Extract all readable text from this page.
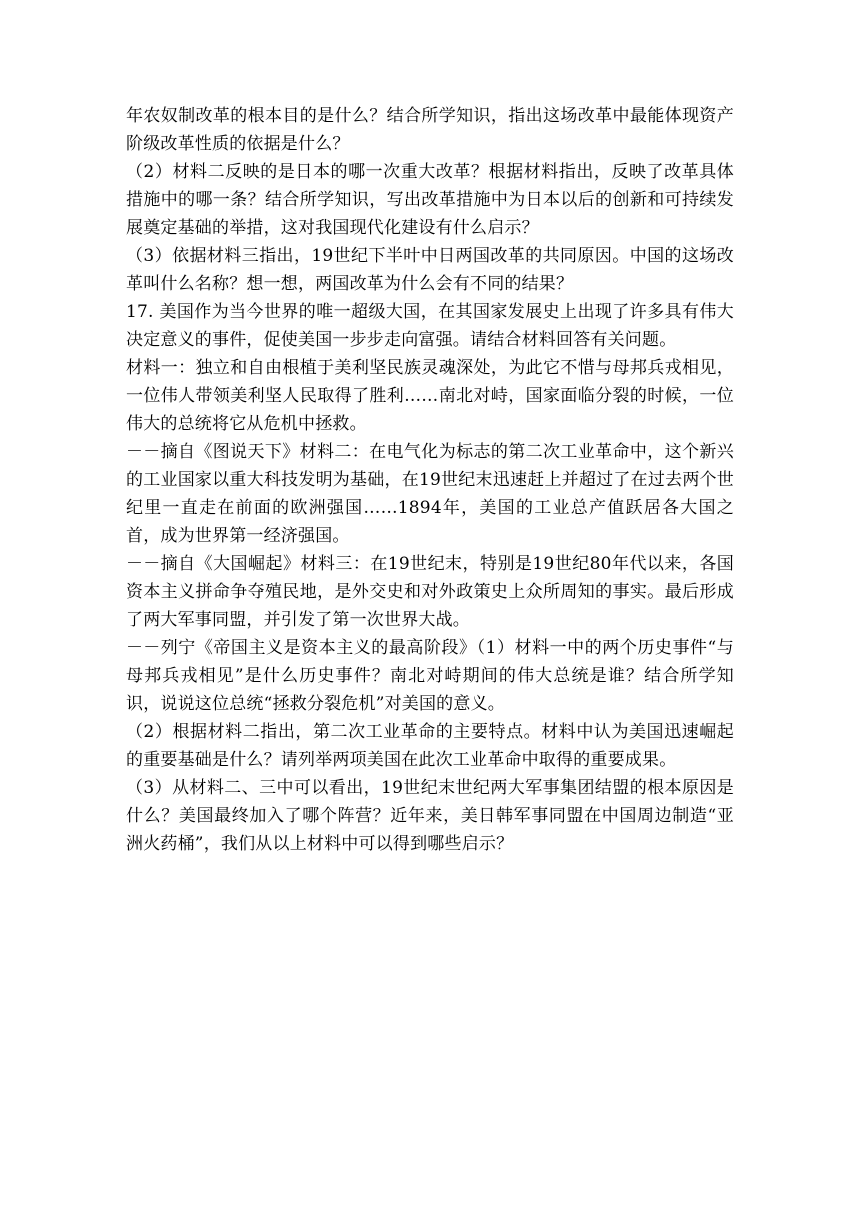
年农奴制改革的根本目的是什么？结合所学知识，指出这场改革中最能体现资产阶级改革性质的依据是什么？

（2）材料二反映的是日本的哪一次重大改革？根据材料指出，反映了改革具体措施中的哪一条？结合所学知识，写出改革措施中为日本以后的创新和可持续发展奠定基础的举措，这对我国现代化建设有什么启示？

（3）依据材料三指出，19世纪下半叶中日两国改革的共同原因。中国的这场改革叫什么名称？想一想，两国改革为什么会有不同的结果？

17. 美国作为当今世界的唯一超级大国，在其国家发展史上出现了许多具有伟大决定意义的事件，促使美国一步步走向富强。请结合材料回答有关问题。

材料一：独立和自由根植于美利坚民族灵魂深处，为此它不惜与母邦兵戎相见，一位伟人带领美利坚人民取得了胜利……南北对峙，国家面临分裂的时候，一位伟大的总统将它从危机中拯救。

－－摘自《图说天下》材料二：在电气化为标志的第二次工业革命中，这个新兴的工业国家以重大科技发明为基础，在19世纪末迅速赶上并超过了在过去两个世纪里一直走在前面的欧洲强国……1894年，美国的工业总产值跃居各大国之首，成为世界第一经济强国。

－－摘自《大国崛起》材料三：在19世纪末，特别是19世纪80年代以来，各国资本主义拼命争夺殖民地，是外交史和对外政策史上众所周知的事实。最后形成了两大军事同盟，并引发了第一次世界大战。

－－列宁《帝国主义是资本主义的最高阶段》（1）材料一中的两个历史事件“与母邦兵戎相见”是什么历史事件？南北对峙期间的伟大总统是谁？结合所学知识，说说这位总统“拯救分裂危机”对美国的意义。

（2）根据材料二指出，第二次工业革命的主要特点。材料中认为美国迅速崛起的重要基础是什么？请列举两项美国在此次工业革命中取得的重要成果。

（3）从材料二、三中可以看出，19世纪末世纪两大军事集团结盟的根本原因是什么？美国最终加入了哪个阵营？近年来，美日韩军事同盟在中国周边制造“亚洲火药桶”，我们从以上材料中可以得到哪些启示？
